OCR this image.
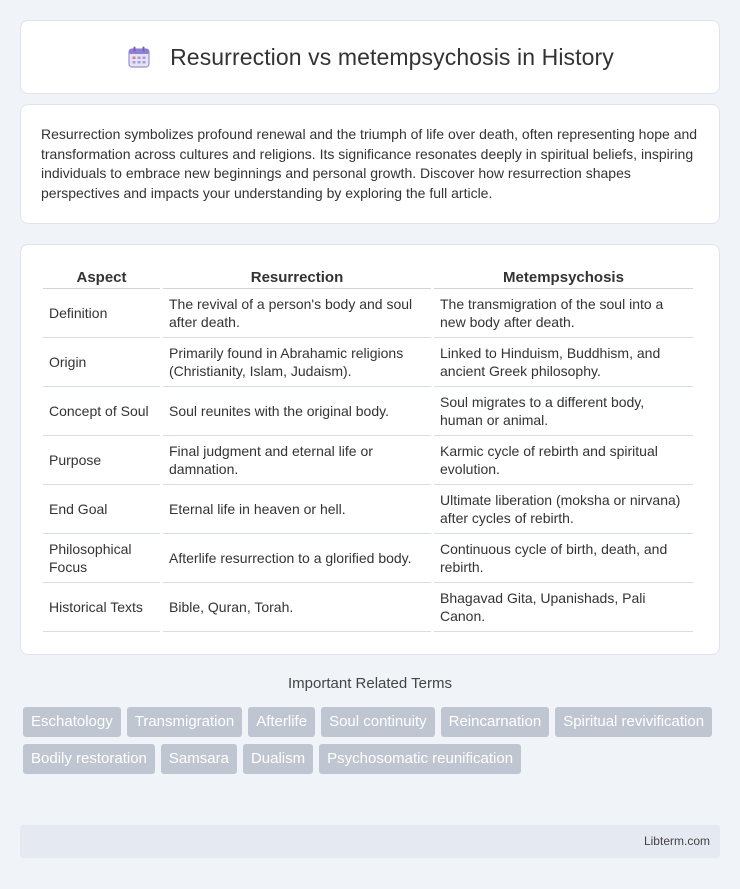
Resurrection vs metempsychosis in History

Resurrection symbolizes profound renewal and the triumph of life over death, often representing hope and transformation across cultures and religions. Its significance resonates deeply in spiritual beliefs, inspiring individuals to embrace new beginnings and personal growth. Discover how resurrection shapes perspectives and impacts your understanding by exploring the full article.

Aspect	Resurrection	Metempsychosis
Definition	The revival of a person's body and soul after death.	The transmigration of the soul into a new body after death.
Origin	Primarily found in Abrahamic religions (Christianity, Islam, Judaism).	Linked to Hinduism, Buddhism, and ancient Greek philosophy.
Concept of Soul	Soul reunites with the original body.	Soul migrates to a different body, human or animal.
Purpose	Final judgment and eternal life or damnation.	Karmic cycle of rebirth and spiritual evolution.
End Goal	Eternal life in heaven or hell.	Ultimate liberation (moksha or nirvana) after cycles of rebirth.
Philosophical Focus	Afterlife resurrection to a glorified body.	Continuous cycle of birth, death, and rebirth.
Historical Texts	Bible, Quran, Torah.	Bhagavad Gita, Upanishads, Pali Canon.
Important Related Terms
Eschatology	Transmigration	Afterlife	Soul continuity	Reincarnation	Spiritual revivification
Bodily restoration	Samsara	Dualism	Psychosomatic reunification
Libterm.com
